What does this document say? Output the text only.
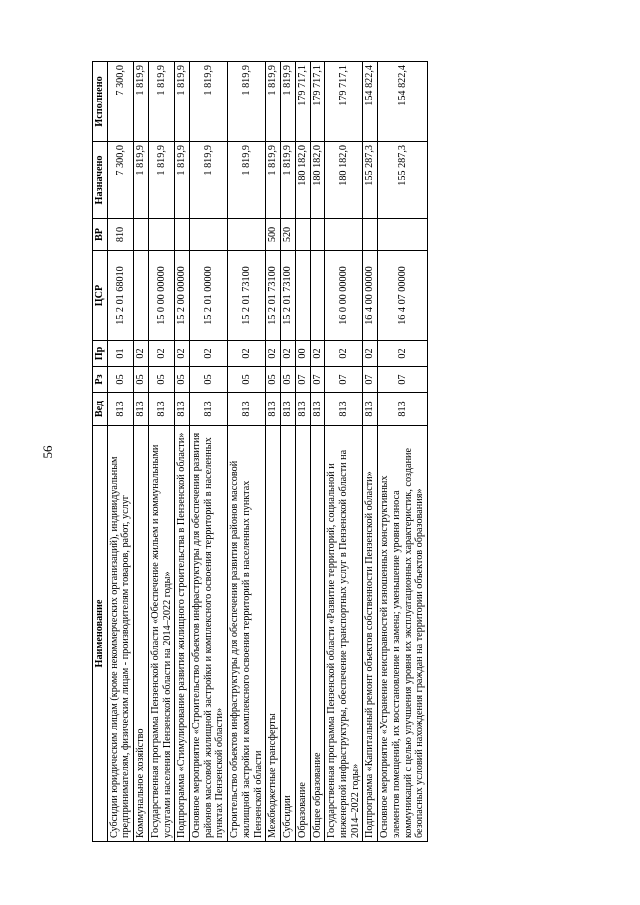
56
Наименование	Вед	Рз	Пр	ЦСР	ВР	Назначено	Исполнено
Субсидии юридическим лицам (кроме некоммерческих организаций), индивидуальным предпринимателям, физическим лицам - производителям товаров, работ, услуг	813	05	01	15 2 01 68010	810	7 300,0	7 300,0
Коммунальное хозяйство	813	05	02			1 819,9	1 819,9
Государственная программа Пензенской области «Обеспечение жильем и коммунальными услугами населения Пензенской области на 2014–2022 годы»	813	05	02	15 0 00 00000		1 819,9	1 819,9
Подпрограмма «Стимулирование развития жилищного строительства в Пензенской области»	813	05	02	15 2 00 00000		1 819,9	1 819,9
Основное мероприятие «Строительство объектов инфраструктуры для обеспечения развития районов массовой жилищной застройки и комплексного освоения территорий в населенных пунктах Пензенской области»	813	05	02	15 2 01 00000		1 819,9	1 819,9
Строительство объектов инфраструктуры для обеспечения развития районов массовой жилищной застройки и комплексного освоения территорий в населенных пунктах Пензенской области	813	05	02	15 2 01 73100		1 819,9	1 819,9
Межбюджетные трансферты	813	05	02	15 2 01 73100	500	1 819,9	1 819,9
Субсидии	813	05	02	15 2 01 73100	520	1 819,9	1 819,9
Образование	813	07	00			180 182,0	179 717,1
Общее образование	813	07	02			180 182,0	179 717,1
Государственная программа Пензенской области «Развитие территорий, социальной и инженерной инфраструктуры, обеспечение транспортных услуг в Пензенской области на 2014–2022 годы»	813	07	02	16 0 00 00000		180 182,0	179 717,1
Подпрограмма «Капитальный ремонт объектов собственности Пензенской области»	813	07	02	16 4 00 00000		155 287,3	154 822,4
Основное мероприятие «Устранение неисправностей изношенных конструктивных элементов помещений, их восстановление и замена; уменьшение уровня износа коммуникаций с целью улучшения уровня их эксплуатационных характеристик, создание безопасных условий нахождения граждан на территории объектов образования»	813	07	02	16 4 07 00000		155 287,3	154 822,4
